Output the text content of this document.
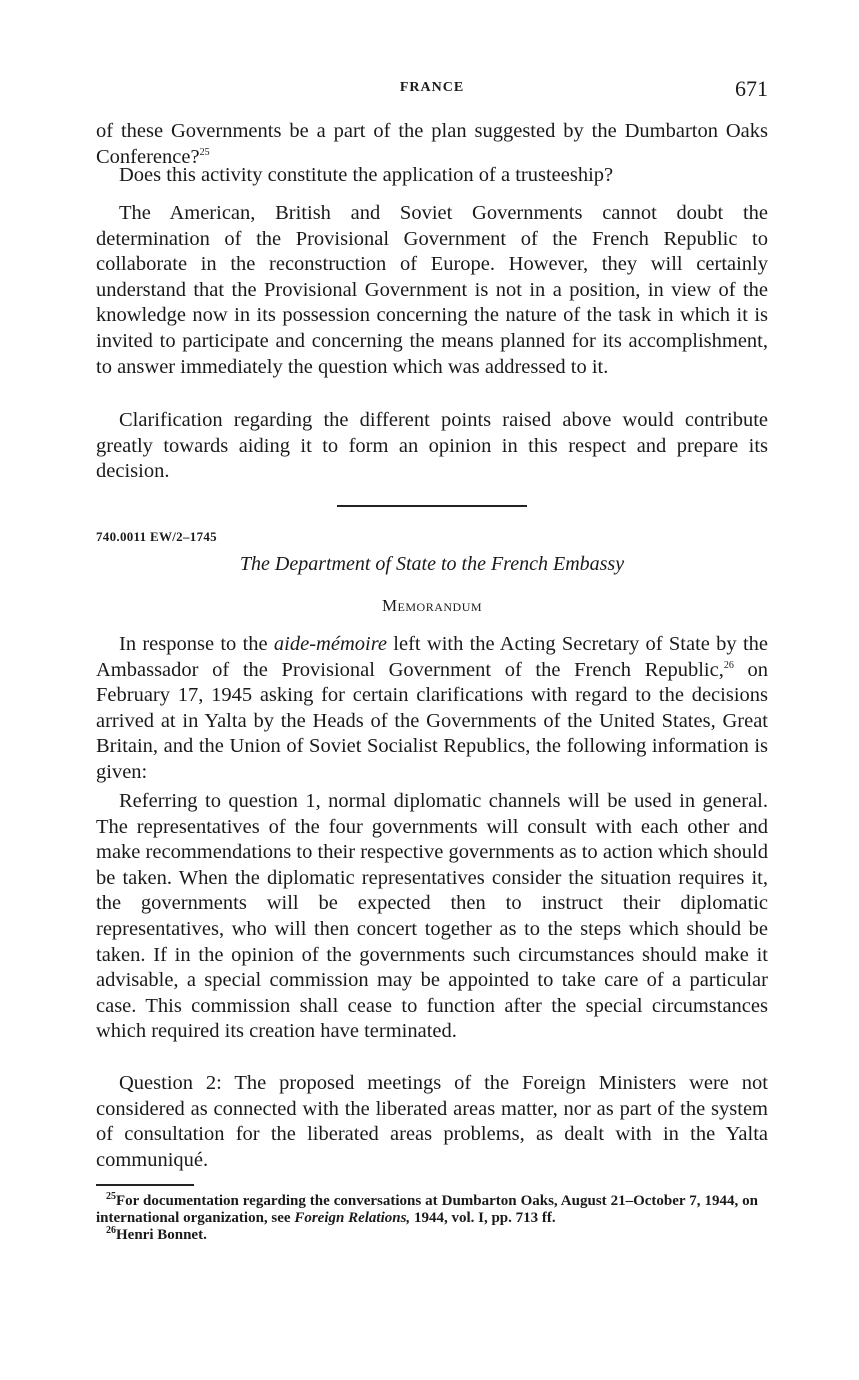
FRANCE	671

of these Governments be a part of the plan suggested by the Dumbarton Oaks Conference?$^{25}$

Does this activity constitute the application of a trusteeship?

The American, British and Soviet Governments cannot doubt the determination of the Provisional Government of the French Republic to collaborate in the reconstruction of Europe. However, they will certainly understand that the Provisional Government is not in a position, in view of the knowledge now in its possession concerning the nature of the task in which it is invited to participate and concerning the means planned for its accomplishment, to answer immediately the question which was addressed to it.

Clarification regarding the different points raised above would contribute greatly towards aiding it to form an opinion in this respect and prepare its decision.

740.0011 EW/2–1745
The Department of State to the French Embassy
Memorandum

In response to the aide-mémoire left with the Acting Secretary of State by the Ambassador of the Provisional Government of the French Republic,$^{26}$ on February 17, 1945 asking for certain clarifications with regard to the decisions arrived at in Yalta by the Heads of the Governments of the United States, Great Britain, and the Union of Soviet Socialist Republics, the following information is given:

Referring to question 1, normal diplomatic channels will be used in general. The representatives of the four governments will consult with each other and make recommendations to their respective governments as to action which should be taken. When the diplomatic representatives consider the situation requires it, the governments will be expected then to instruct their diplomatic representatives, who will then concert together as to the steps which should be taken. If in the opinion of the governments such circumstances should make it advisable, a special commission may be appointed to take care of a particular case. This commission shall cease to function after the special circumstances which required its creation have terminated.

Question 2: The proposed meetings of the Foreign Ministers were not considered as connected with the liberated areas matter, nor as part of the system of consultation for the liberated areas problems, as dealt with in the Yalta communiqué.

$^{25}$For documentation regarding the conversations at Dumbarton Oaks, August 21–October 7, 1944, on international organization, see Foreign Relations, 1944, vol. I, pp. 713 ff.

$^{26}$Henri Bonnet.
